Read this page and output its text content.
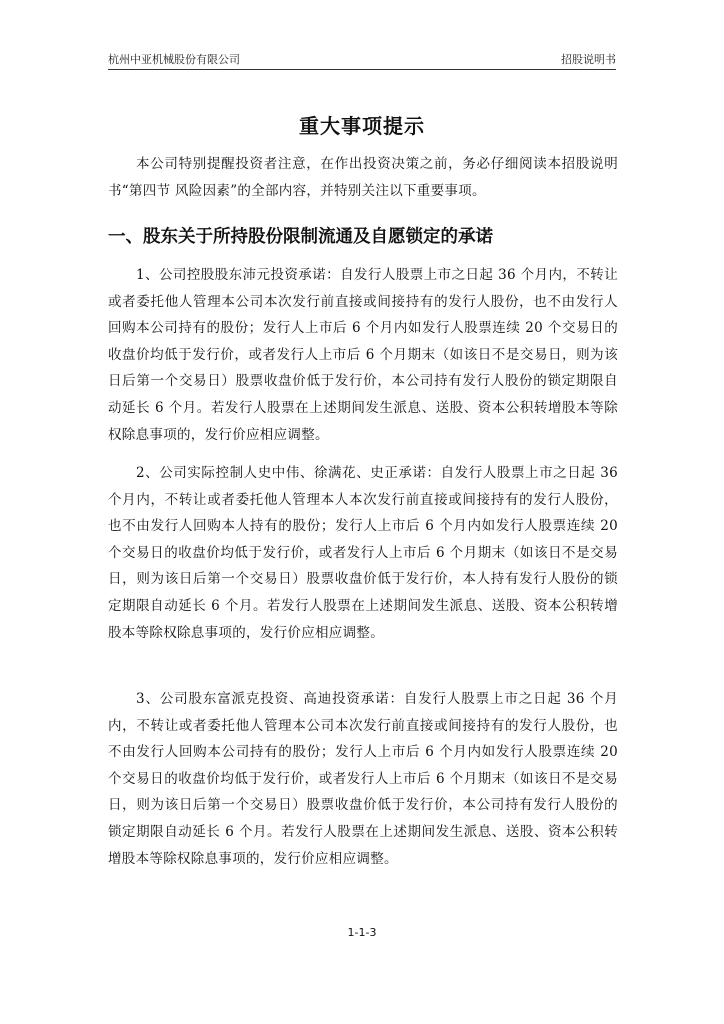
杭州中亚机械股份有限公司	招股说明书
重大事项提示

本公司特别提醒投资者注意，在作出投资决策之前，务必仔细阅读本招股说明书“第四节 风险因素”的全部内容，并特别关注以下重要事项。

一、股东关于所持股份限制流通及自愿锁定的承诺

1、公司控股股东沛元投资承诺：自发行人股票上市之日起 36 个月内，不转让或者委托他人管理本公司本次发行前直接或间接持有的发行人股份，也不由发行人回购本公司持有的股份；发行人上市后 6 个月内如发行人股票连续 20 个交易日的收盘价均低于发行价，或者发行人上市后 6 个月期末（如该日不是交易日，则为该日后第一个交易日）股票收盘价低于发行价，本公司持有发行人股份的锁定期限自动延长 6 个月。若发行人股票在上述期间发生派息、送股、资本公积转增股本等除权除息事项的，发行价应相应调整。

2、公司实际控制人史中伟、徐满花、史正承诺：自发行人股票上市之日起 36 个月内，不转让或者委托他人管理本人本次发行前直接或间接持有的发行人股份，也不由发行人回购本人持有的股份；发行人上市后 6 个月内如发行人股票连续 20 个交易日的收盘价均低于发行价，或者发行人上市后 6 个月期末（如该日不是交易日，则为该日后第一个交易日）股票收盘价低于发行价，本人持有发行人股份的锁定期限自动延长 6 个月。若发行人股票在上述期间发生派息、送股、资本公积转增股本等除权除息事项的，发行价应相应调整。

3、公司股东富派克投资、高迪投资承诺：自发行人股票上市之日起 36 个月内，不转让或者委托他人管理本公司本次发行前直接或间接持有的发行人股份，也不由发行人回购本公司持有的股份；发行人上市后 6 个月内如发行人股票连续 20 个交易日的收盘价均低于发行价，或者发行人上市后 6 个月期末（如该日不是交易日，则为该日后第一个交易日）股票收盘价低于发行价，本公司持有发行人股份的锁定期限自动延长 6 个月。若发行人股票在上述期间发生派息、送股、资本公积转增股本等除权除息事项的，发行价应相应调整。

1-1-3
